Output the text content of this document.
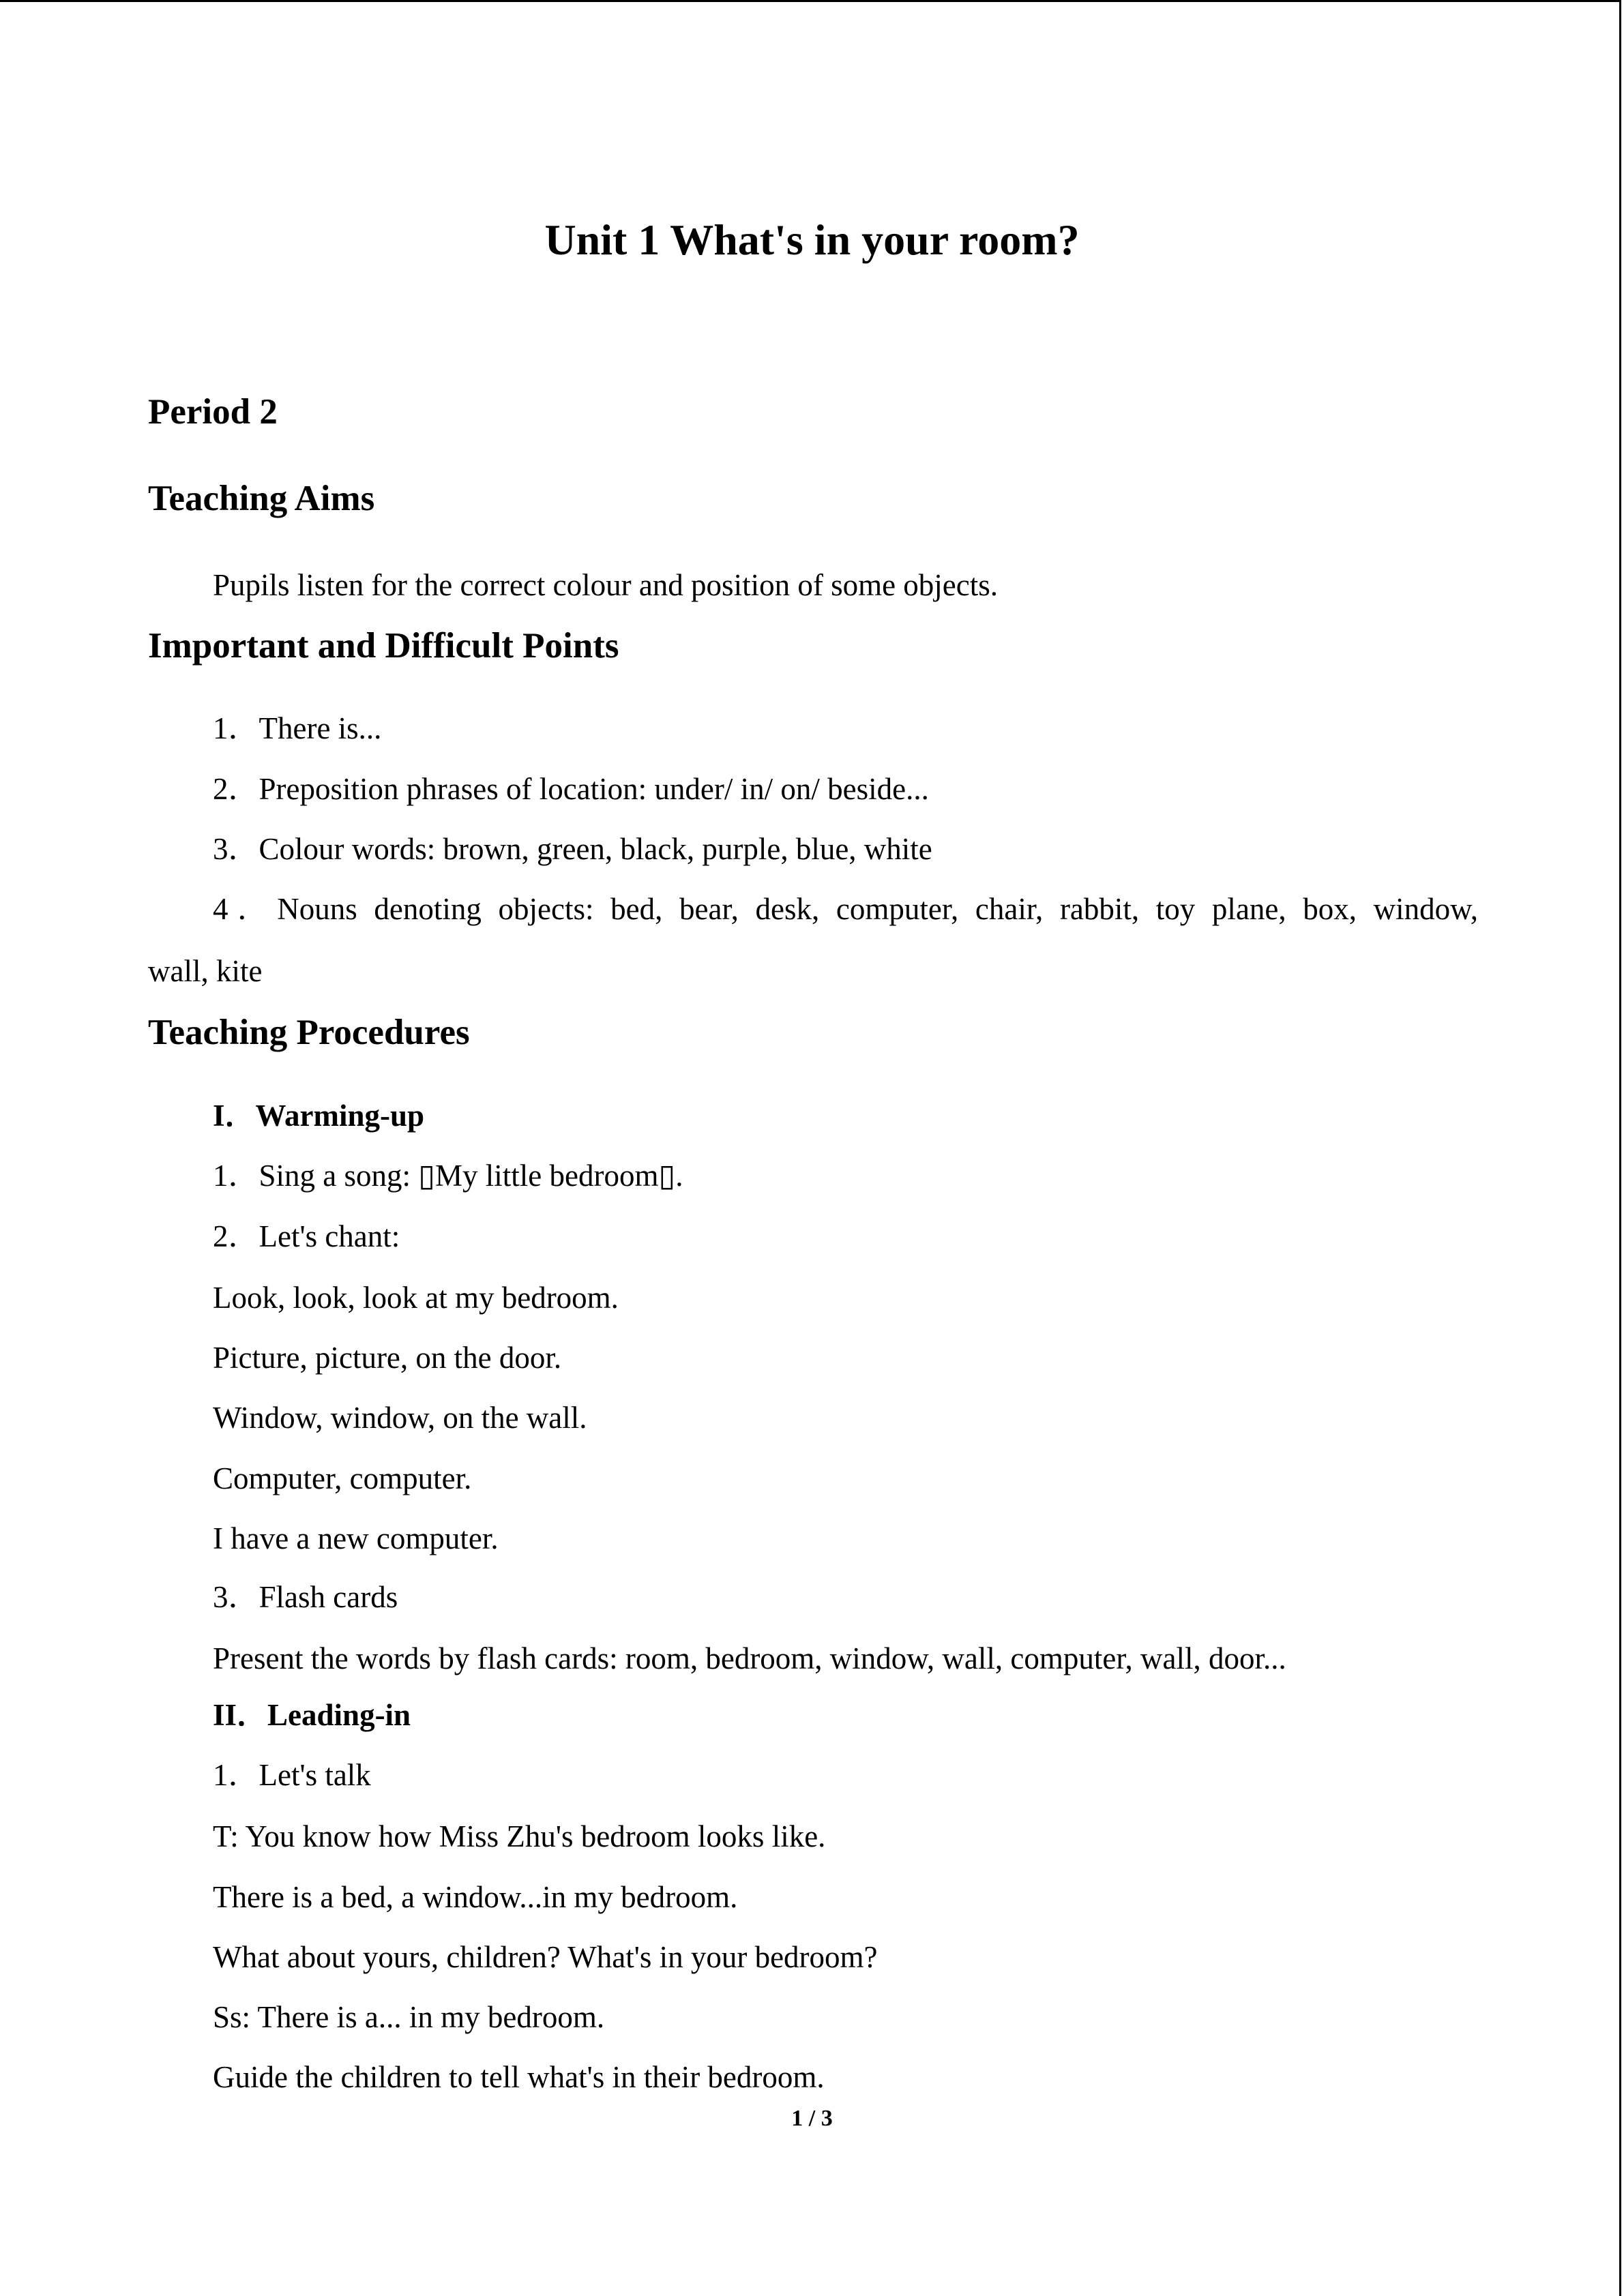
Unit 1 What's in your room?
Period 2
Teaching Aims

Pupils listen for the correct colour and position of some objects.

Important and Difficult Points

1．There is...

2．Preposition phrases of location: under/ in/ on/ beside...

3．Colour words: brown, green, black, purple, blue, white

4．Nouns denoting objects: bed, bear, desk, computer, chair, rabbit, toy plane, box, window,

wall, kite

Teaching Procedures

I．Warming-up

1．Sing a song: ▯My little bedroom▯.

2．Let's chant:

Look, look, look at my bedroom.

Picture, picture, on the door.

Window, window, on the wall.

Computer, computer.

I have a new computer.

3．Flash cards

Present the words by flash cards: room, bedroom, window, wall, computer, wall, door...

II．Leading-in

1．Let's talk

T: You know how Miss Zhu's bedroom looks like.

There is a bed, a window...in my bedroom.

What about yours, children? What's in your bedroom?

Ss: There is a... in my bedroom.

Guide the children to tell what's in their bedroom.

1 / 3
